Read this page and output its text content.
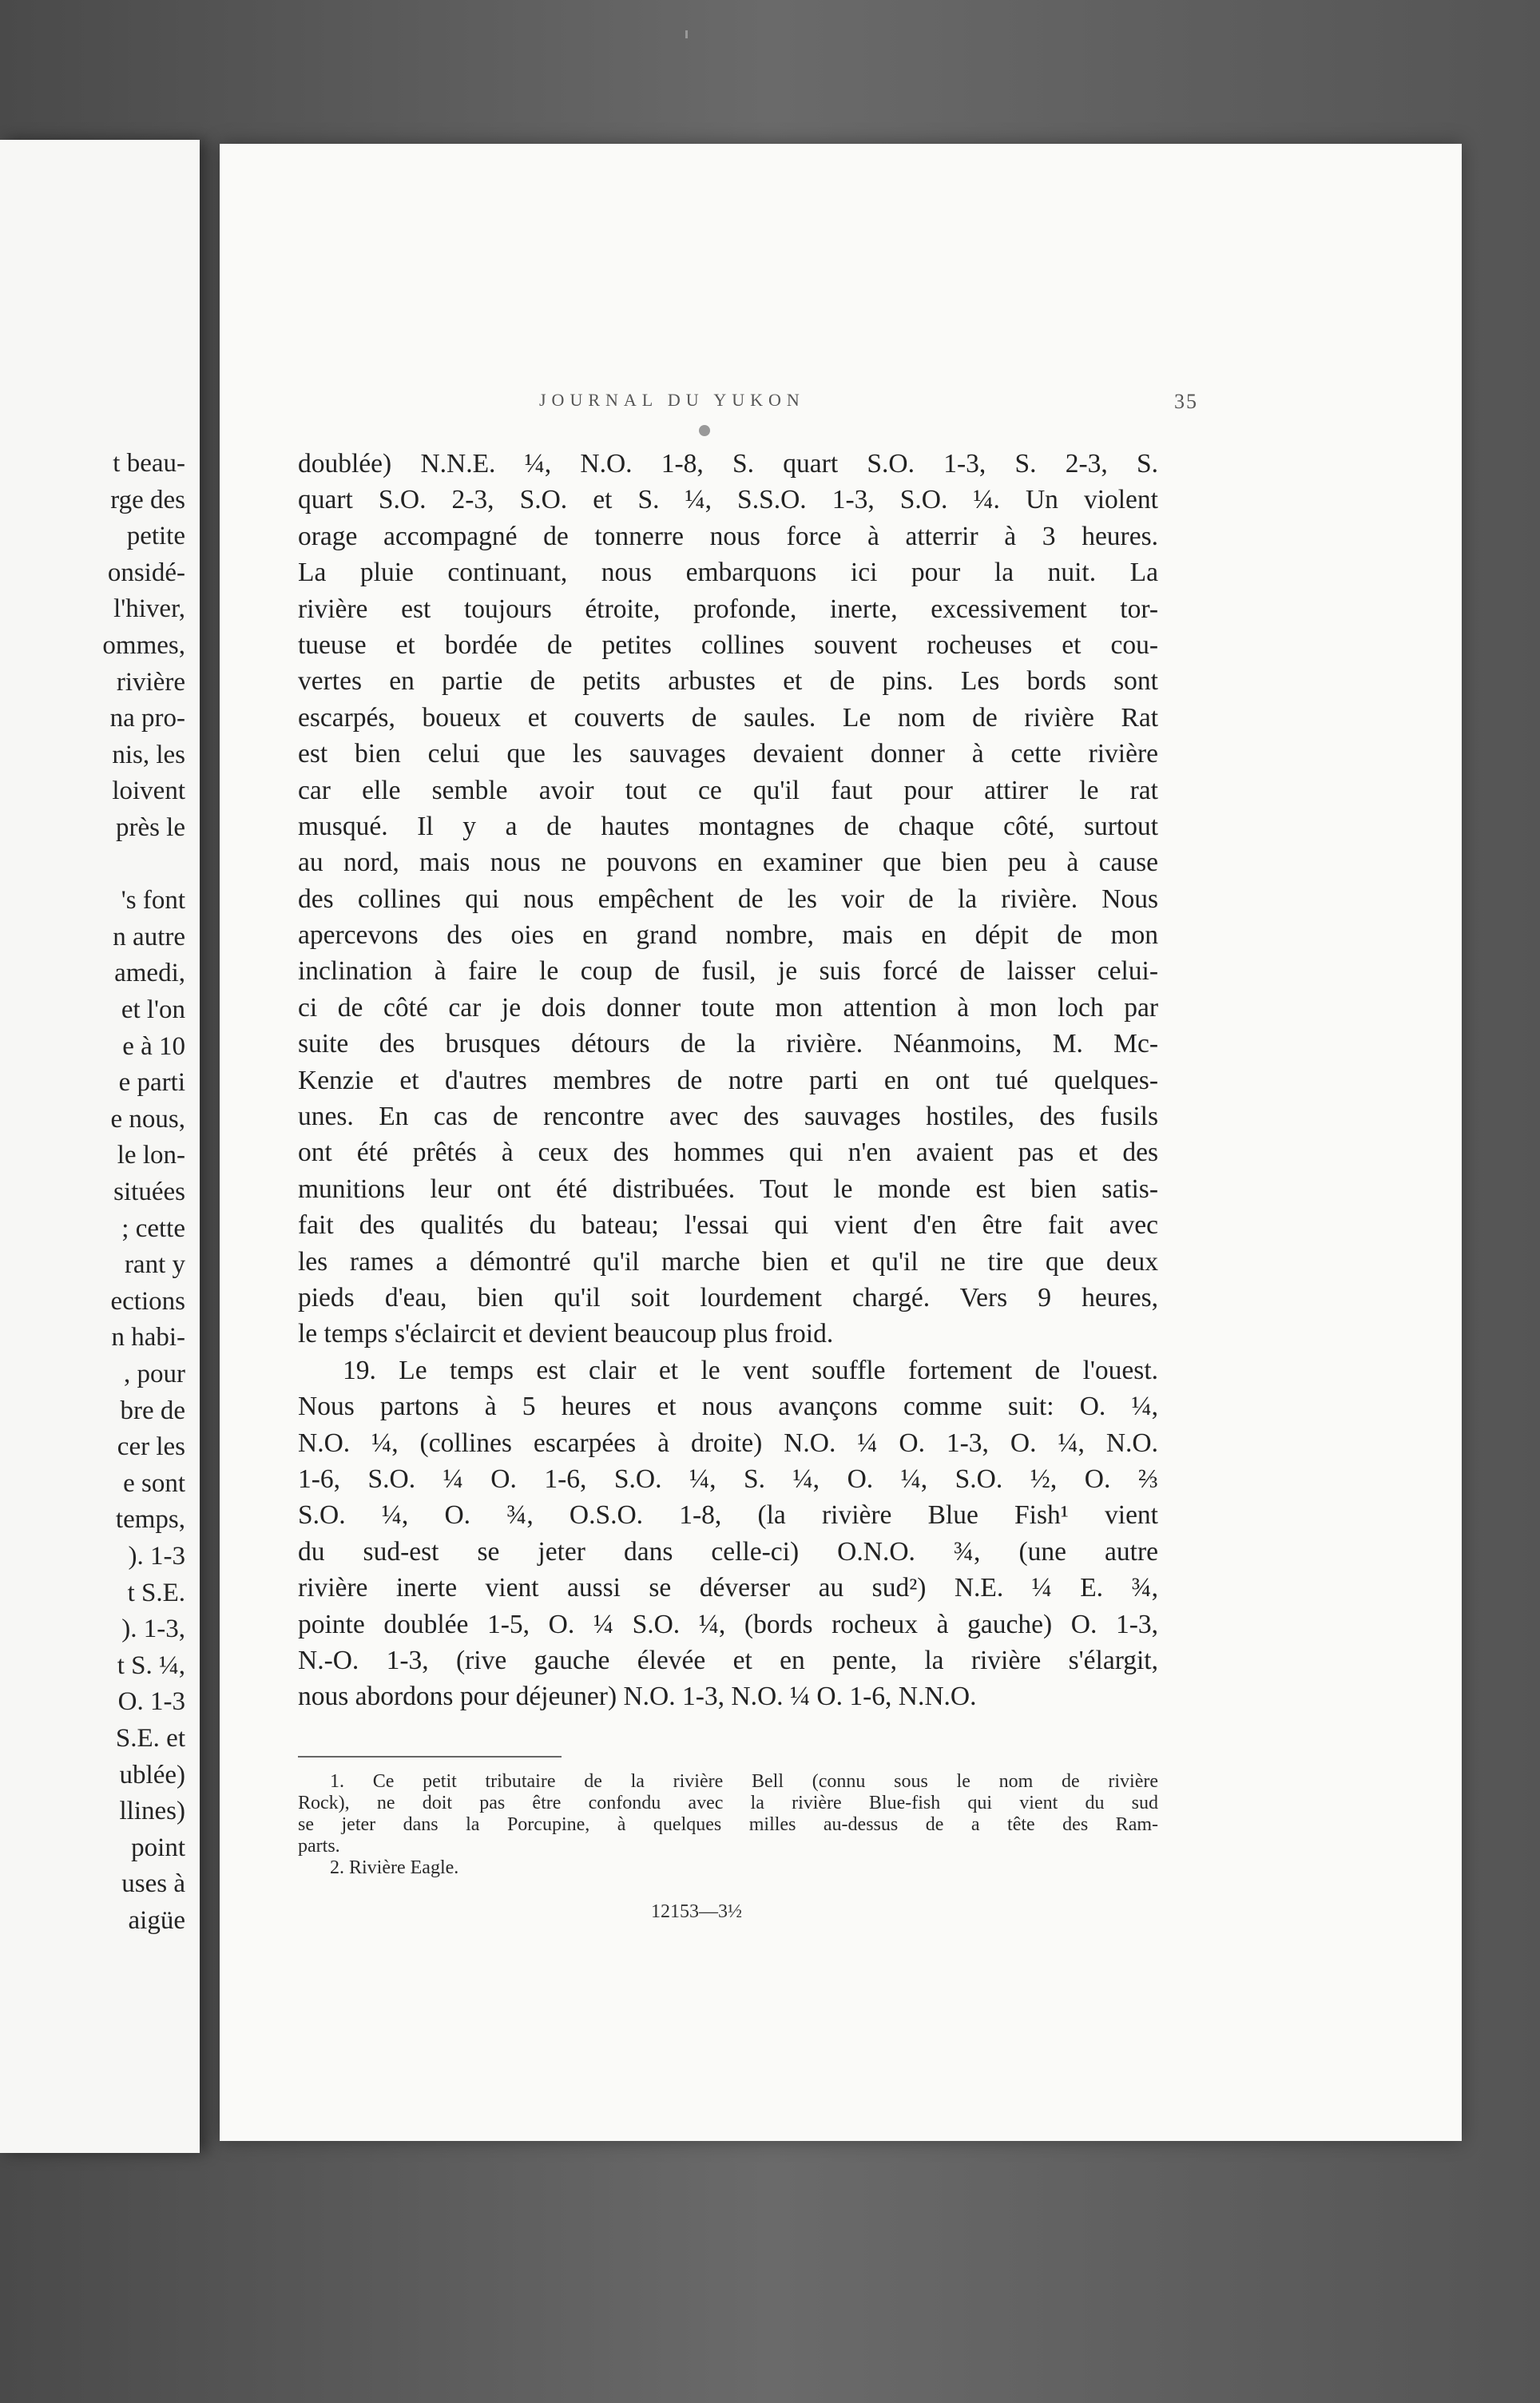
t beau-
rge des
petite
onsidé-
l'hiver,
ommes,
rivière
na pro-
nis, les
loivent
près le
's font
n autre
amedi,
et l'on
e à 10
e parti
e nous,
le lon-
situées
; cette
rant y
ections
n habi-
, pour
bre de
cer les
e sont
temps,
). 1-3
t S.E.
). 1-3,
t S. ¼,
O. 1-3
S.E. et
ublée)
llines)
point
uses à
aigüe
JOURNAL DU YUKON	35
doublée) N.N.E. ¼, N.O. 1-8, S. quart S.O. 1-3, S. 2-3, S.
quart S.O. 2-3, S.O. et S. ¼, S.S.O. 1-3, S.O. ¼. Un violent
orage accompagné de tonnerre nous force à atterrir à 3 heures.
La pluie continuant, nous embarquons ici pour la nuit. La
rivière est toujours étroite, profonde, inerte, excessivement tor-
tueuse et bordée de petites collines souvent rocheuses et cou-
vertes en partie de petits arbustes et de pins. Les bords sont
escarpés, boueux et couverts de saules. Le nom de rivière Rat
est bien celui que les sauvages devaient donner à cette rivière
car elle semble avoir tout ce qu'il faut pour attirer le rat
musqué. Il y a de hautes montagnes de chaque côté, surtout
au nord, mais nous ne pouvons en examiner que bien peu à cause
des collines qui nous empêchent de les voir de la rivière. Nous
apercevons des oies en grand nombre, mais en dépit de mon
inclination à faire le coup de fusil, je suis forcé de laisser celui-
ci de côté car je dois donner toute mon attention à mon loch par
suite des brusques détours de la rivière. Néanmoins, M. Mc-
Kenzie et d'autres membres de notre parti en ont tué quelques-
unes. En cas de rencontre avec des sauvages hostiles, des fusils
ont été prêtés à ceux des hommes qui n'en avaient pas et des
munitions leur ont été distribuées. Tout le monde est bien satis-
fait des qualités du bateau; l'essai qui vient d'en être fait avec
les rames a démontré qu'il marche bien et qu'il ne tire que deux
pieds d'eau, bien qu'il soit lourdement chargé. Vers 9 heures,
le temps s'éclaircit et devient beaucoup plus froid.
19. Le temps est clair et le vent souffle fortement de l'ouest.
Nous partons à 5 heures et nous avançons comme suit: O. ¼,
N.O. ¼, (collines escarpées à droite) N.O. ¼ O. 1-3, O. ¼, N.O.
1-6, S.O. ¼ O. 1-6, S.O. ¼, S. ¼, O. ¼, S.O. ½, O. ⅔
S.O. ¼, O. ¾, O.S.O. 1-8, (la rivière Blue Fish¹ vient
du sud-est se jeter dans celle-ci) O.N.O. ¾, (une autre
rivière inerte vient aussi se déverser au sud²) N.E. ¼ E. ¾,
pointe doublée 1-5, O. ¼ S.O. ¼, (bords rocheux à gauche) O. 1-3,
N.-O. 1-3, (rive gauche élevée et en pente, la rivière s'élargit,
nous abordons pour déjeuner) N.O. 1-3, N.O. ¼ O. 1-6, N.N.O.
1. Ce petit tributaire de la rivière Bell (connu sous le nom de rivière
Rock), ne doit pas être confondu avec la rivière Blue-fish qui vient du sud
se jeter dans la Porcupine, à quelques milles au-dessus de a tête des Ram-
parts.
2. Rivière Eagle.
12153—3½
